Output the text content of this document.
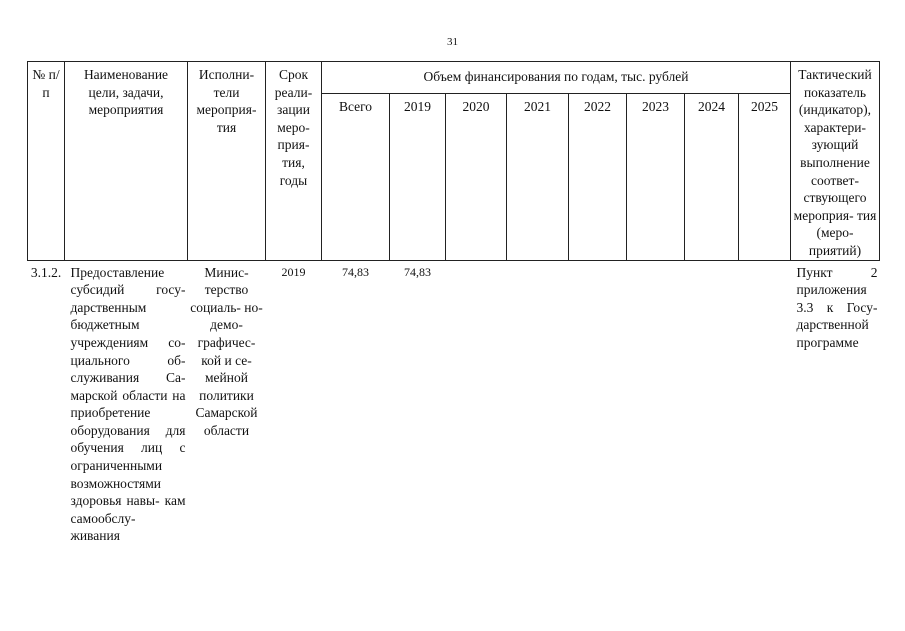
31
№ п/п	Наименование цели, задачи, мероприятия	Исполни- тели мероприя- тия	Срок реали- зации меро- прия- тия, годы	Объем финансирования по годам, тыс. рублей								Тактический показатель (индикатор), характери- зующий выполнение соответ- ствующего мероприя- тия (меро- приятий)
				Всего	2019	2020	2021	2022	2023	2024	2025	
3.1.2.	Предоставление субсидий госу- дарственным бюджетным учреждениям со- циального об- служивания Са- марской области на приобретение оборудования для обучения лиц с ограниченными возможностями здоровья навы- кам самообслу- живания	Минис- терство социаль- но-демо- графичес- кой и се- мейной политики Самарской области	2019	74,83	74,83							Пункт 2 приложения 3.3 к Госу- дарственной программе
